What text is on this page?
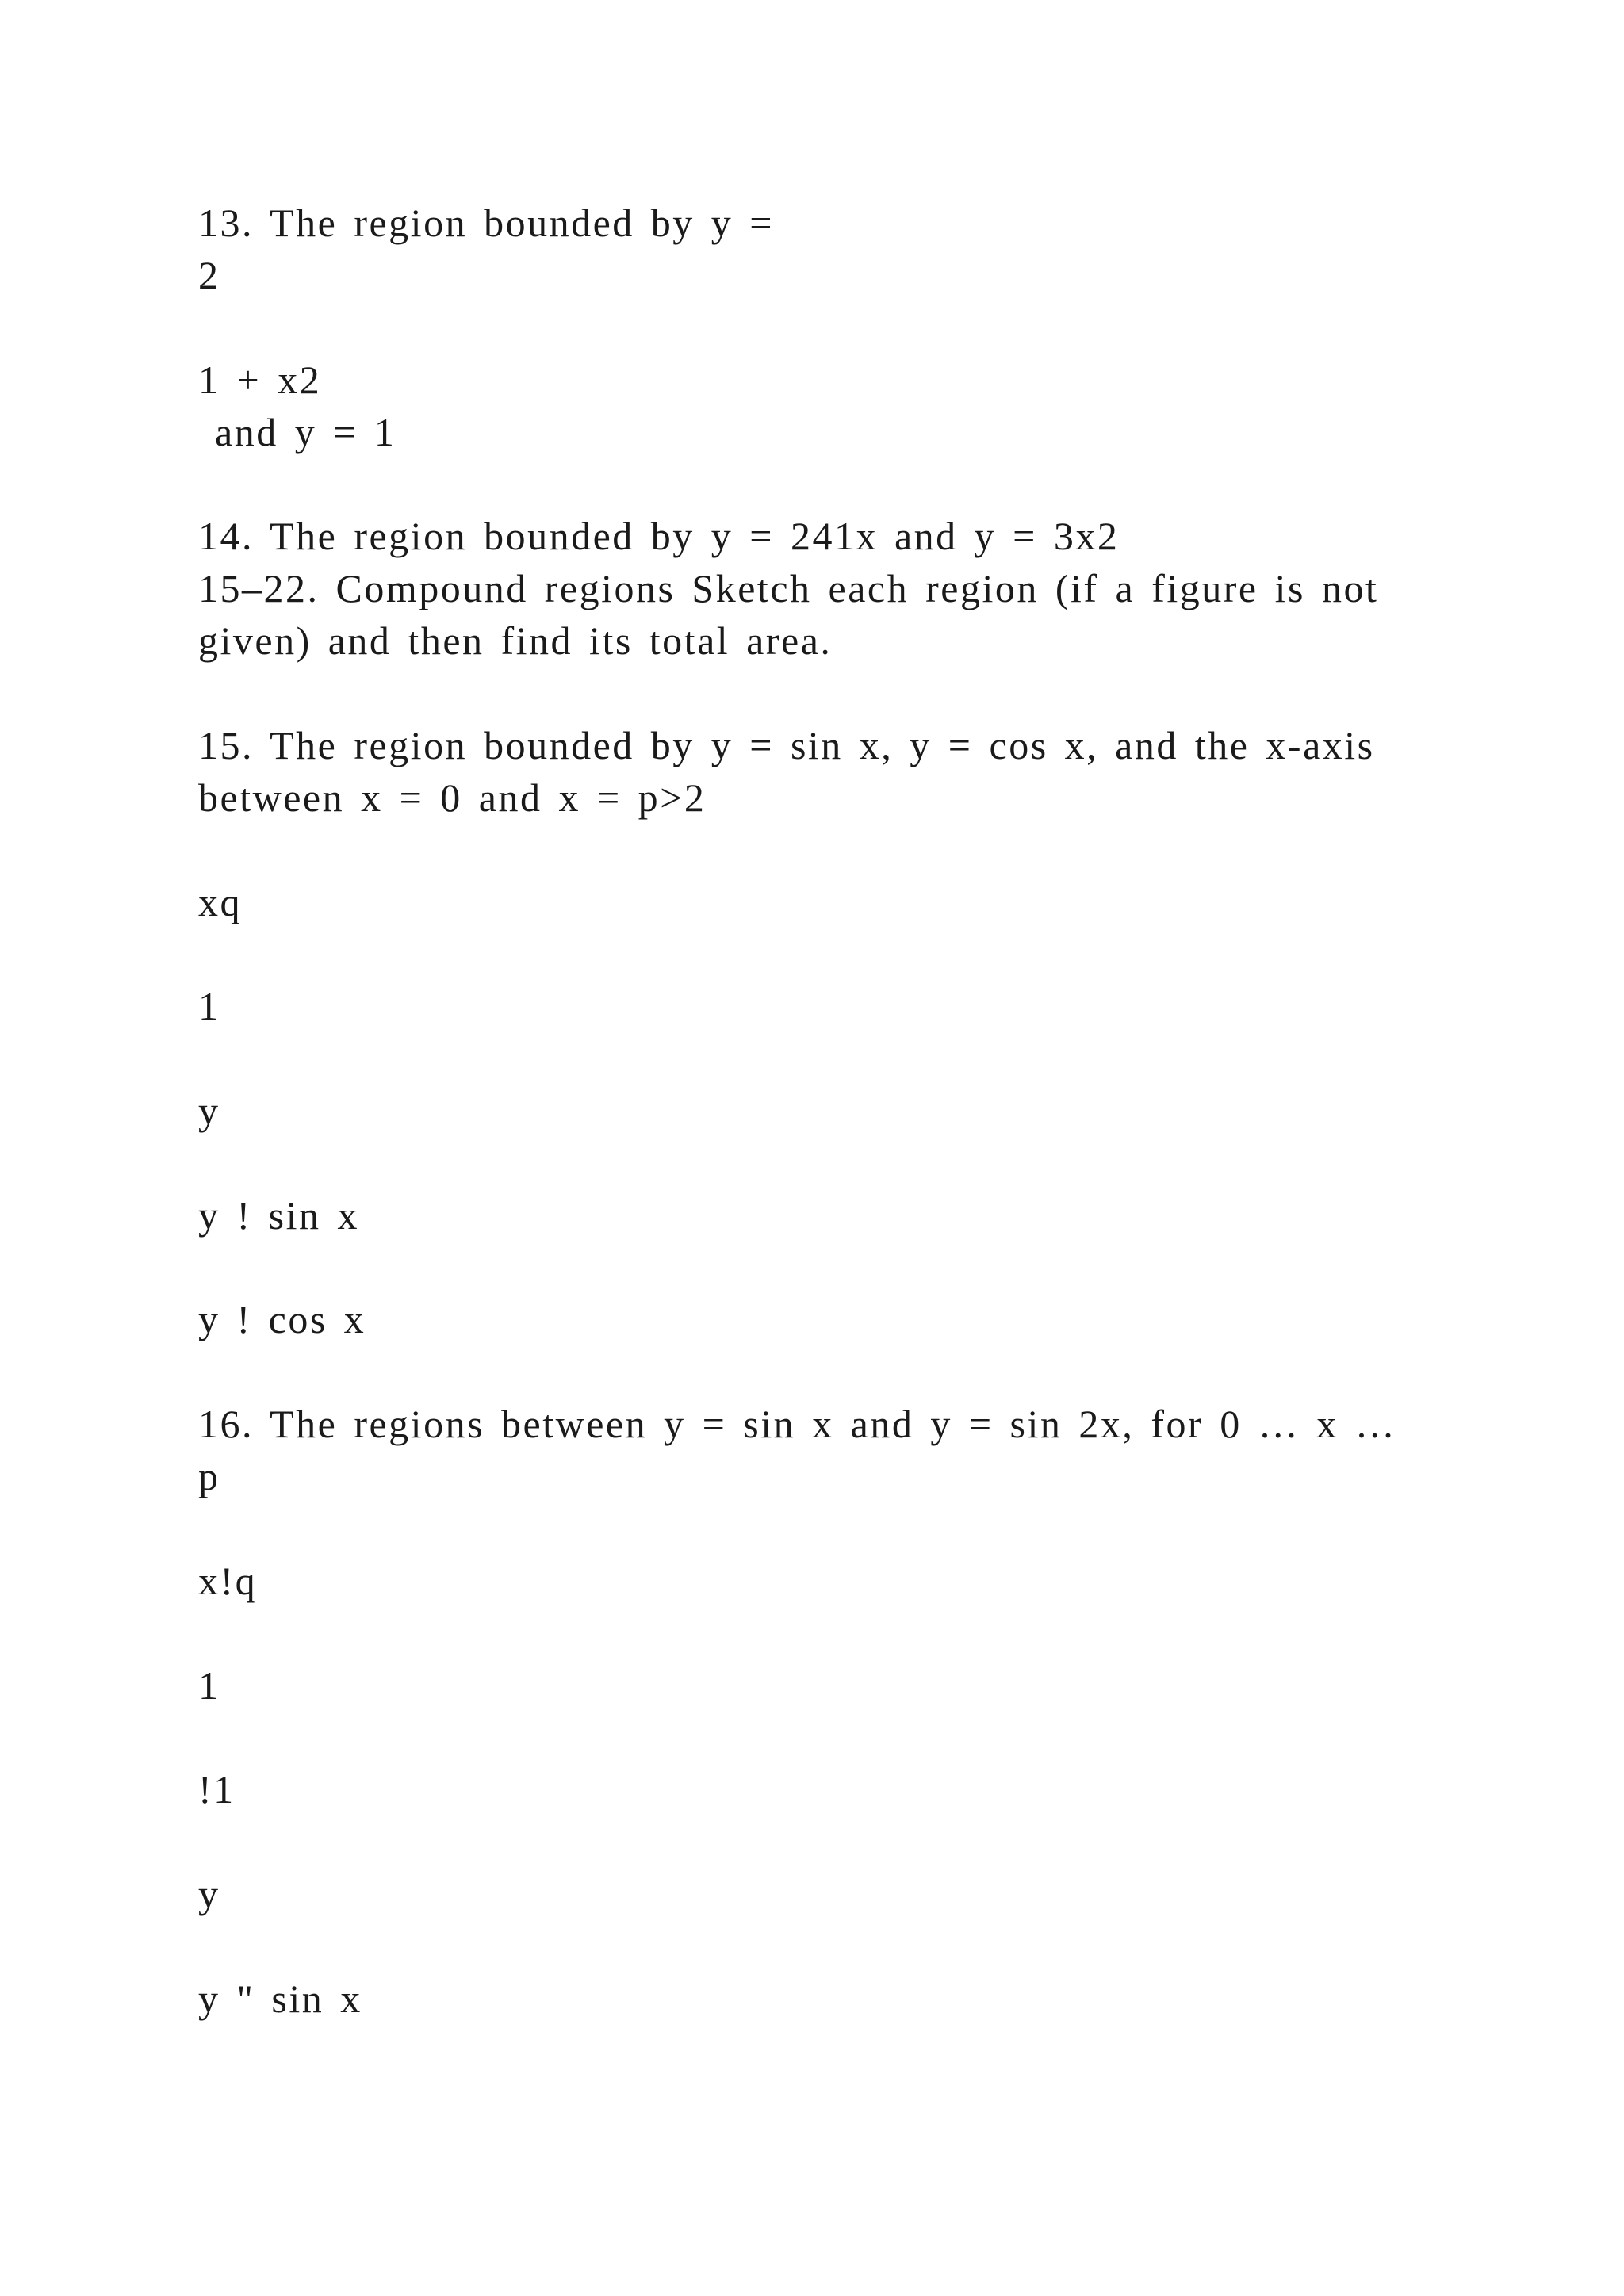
13. The region bounded by y =

2

1 + x2

and y = 1

14. The region bounded by y = 241x and y = 3x2

15–22. Compound regions Sketch each region (if a figure is not

given) and then find its total area.

15. The region bounded by y = sin x, y = cos x, and the x-axis

between x = 0 and x = p>2

xq

1

y

y ! sin x

y ! cos x

16. The regions between y = sin x and y = sin 2x, for 0 … x …

p

x!q

1

!1

y

y " sin x
